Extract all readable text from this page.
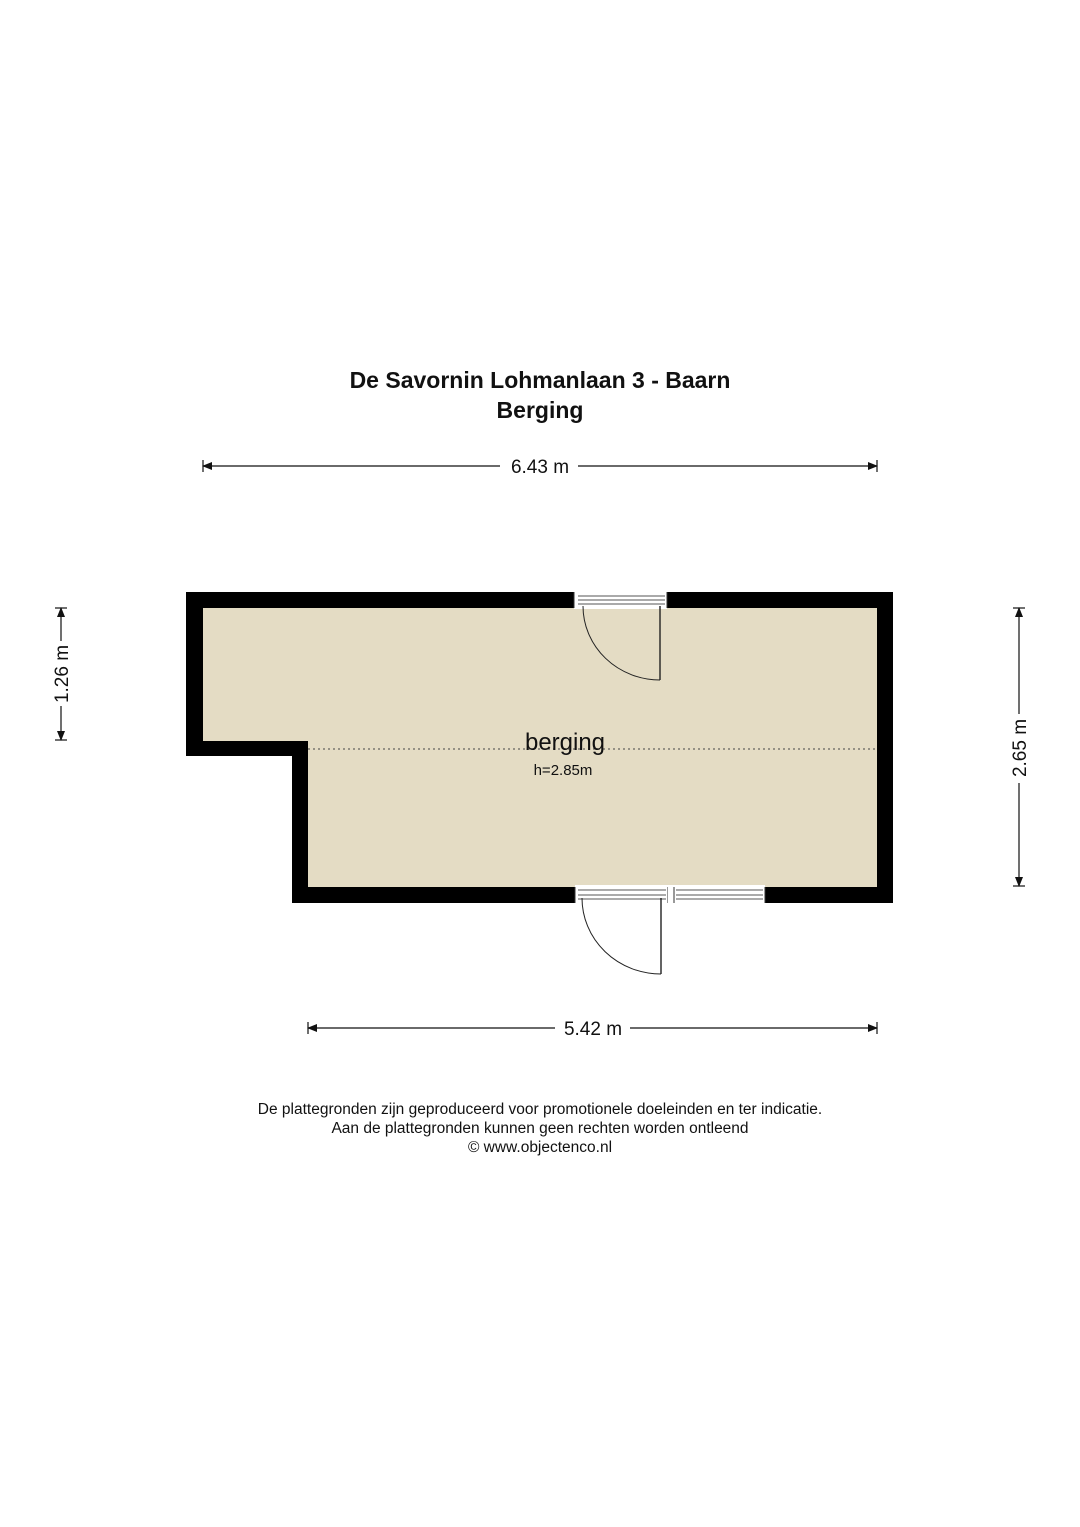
De Savornin Lohmanlaan 3 - Baarn
Berging
6.43 m
1.26 m
2.65 m
berging
h=2.85m
5.42 m
De plattegronden zijn geproduceerd voor promotionele doeleinden en ter indicatie.
Aan de plattegronden kunnen geen rechten worden ontleend
© www.objectenco.nl
